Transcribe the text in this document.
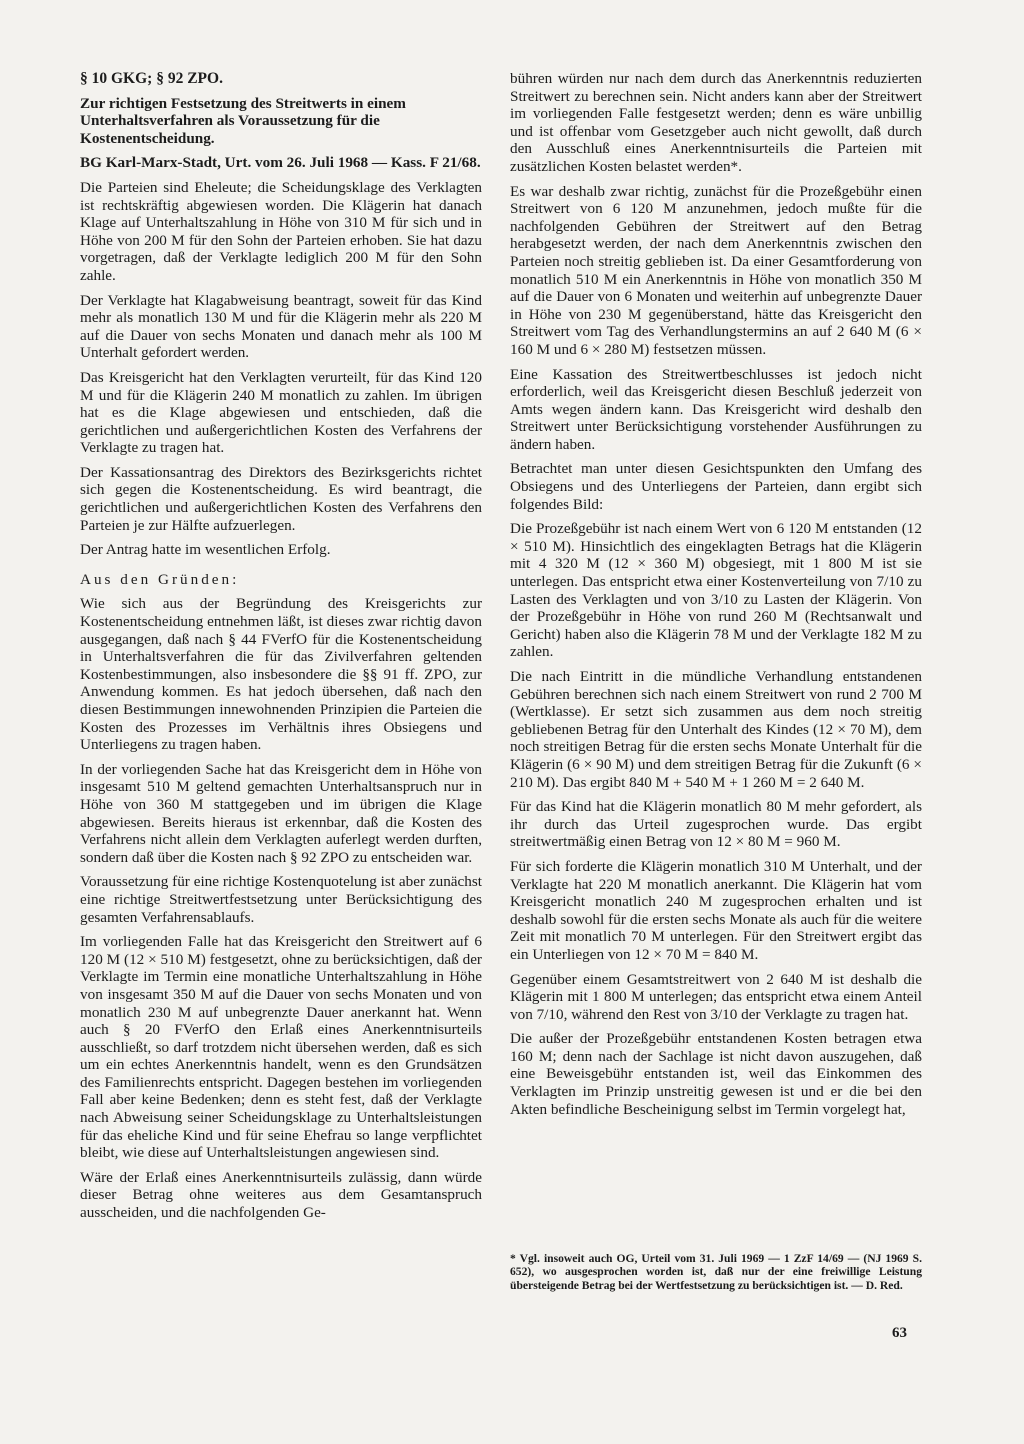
§ 10 GKG; § 92 ZPO.

Zur richtigen Festsetzung des Streitwerts in einem Unterhaltsverfahren als Voraussetzung für die Kostenentscheidung.

BG Karl-Marx-Stadt, Urt. vom 26. Juli 1968 — Kass. F 21/68.

Die Parteien sind Eheleute; die Scheidungsklage des Verklagten ist rechtskräftig abgewiesen worden. Die Klägerin hat danach Klage auf Unterhaltszahlung in Höhe von 310 M für sich und in Höhe von 200 M für den Sohn der Parteien erhoben. Sie hat dazu vorgetragen, daß der Verklagte lediglich 200 M für den Sohn zahle.

Der Verklagte hat Klagabweisung beantragt, soweit für das Kind mehr als monatlich 130 M und für die Klägerin mehr als 220 M auf die Dauer von sechs Monaten und danach mehr als 100 M Unterhalt gefordert werden.

Das Kreisgericht hat den Verklagten verurteilt, für das Kind 120 M und für die Klägerin 240 M monatlich zu zahlen. Im übrigen hat es die Klage abgewiesen und entschieden, daß die gerichtlichen und außergerichtlichen Kosten des Verfahrens der Verklagte zu tragen hat.

Der Kassationsantrag des Direktors des Bezirksgerichts richtet sich gegen die Kostenentscheidung. Es wird beantragt, die gerichtlichen und außergerichtlichen Kosten des Verfahrens den Parteien je zur Hälfte aufzuerlegen.

Der Antrag hatte im wesentlichen Erfolg.

Aus den Gründen:

Wie sich aus der Begründung des Kreisgerichts zur Kostenentscheidung entnehmen läßt, ist dieses zwar richtig davon ausgegangen, daß nach § 44 FVerfO für die Kostenentscheidung in Unterhaltsverfahren die für das Zivilverfahren geltenden Kostenbestimmungen, also insbesondere die §§ 91 ff. ZPO, zur Anwendung kommen. Es hat jedoch übersehen, daß nach den diesen Bestimmungen innewohnenden Prinzipien die Parteien die Kosten des Prozesses im Verhältnis ihres Obsiegens und Unterliegens zu tragen haben.

In der vorliegenden Sache hat das Kreisgericht dem in Höhe von insgesamt 510 M geltend gemachten Unterhaltsanspruch nur in Höhe von 360 M stattgegeben und im übrigen die Klage abgewiesen. Bereits hieraus ist erkennbar, daß die Kosten des Verfahrens nicht allein dem Verklagten auferlegt werden durften, sondern daß über die Kosten nach § 92 ZPO zu entscheiden war.

Voraussetzung für eine richtige Kostenquotelung ist aber zunächst eine richtige Streitwertfestsetzung unter Berücksichtigung des gesamten Verfahrensablaufs.

Im vorliegenden Falle hat das Kreisgericht den Streitwert auf 6 120 M (12 × 510 M) festgesetzt, ohne zu berücksichtigen, daß der Verklagte im Termin eine monatliche Unterhaltszahlung in Höhe von insgesamt 350 M auf die Dauer von sechs Monaten und von monatlich 230 M auf unbegrenzte Dauer anerkannt hat. Wenn auch § 20 FVerfO den Erlaß eines Anerkenntnisurteils ausschließt, so darf trotzdem nicht übersehen werden, daß es sich um ein echtes Anerkenntnis handelt, wenn es den Grundsätzen des Familienrechts entspricht. Dagegen bestehen im vorliegenden Fall aber keine Bedenken; denn es steht fest, daß der Verklagte nach Abweisung seiner Scheidungsklage zu Unterhaltsleistungen für das eheliche Kind und für seine Ehefrau so lange verpflichtet bleibt, wie diese auf Unterhaltsleistungen angewiesen sind.

Wäre der Erlaß eines Anerkenntnisurteils zulässig, dann würde dieser Betrag ohne weiteres aus dem Gesamtanspruch ausscheiden, und die nachfolgenden Ge-

bühren würden nur nach dem durch das Anerkenntnis reduzierten Streitwert zu berechnen sein. Nicht anders kann aber der Streitwert im vorliegenden Falle festgesetzt werden; denn es wäre unbillig und ist offenbar vom Gesetzgeber auch nicht gewollt, daß durch den Ausschluß eines Anerkenntnisurteils die Parteien mit zusätzlichen Kosten belastet werden*.

Es war deshalb zwar richtig, zunächst für die Prozeßgebühr einen Streitwert von 6 120 M anzunehmen, jedoch mußte für die nachfolgenden Gebühren der Streitwert auf den Betrag herabgesetzt werden, der nach dem Anerkenntnis zwischen den Parteien noch streitig geblieben ist. Da einer Gesamtforderung von monatlich 510 M ein Anerkenntnis in Höhe von monatlich 350 M auf die Dauer von 6 Monaten und weiterhin auf unbegrenzte Dauer in Höhe von 230 M gegenüberstand, hätte das Kreisgericht den Streitwert vom Tag des Verhandlungstermins an auf 2 640 M (6 × 160 M und 6 × 280 M) festsetzen müssen.

Eine Kassation des Streitwertbeschlusses ist jedoch nicht erforderlich, weil das Kreisgericht diesen Beschluß jederzeit von Amts wegen ändern kann. Das Kreisgericht wird deshalb den Streitwert unter Berücksichtigung vorstehender Ausführungen zu ändern haben.

Betrachtet man unter diesen Gesichtspunkten den Umfang des Obsiegens und des Unterliegens der Parteien, dann ergibt sich folgendes Bild:

Die Prozeßgebühr ist nach einem Wert von 6 120 M entstanden (12 × 510 M). Hinsichtlich des eingeklagten Betrags hat die Klägerin mit 4 320 M (12 × 360 M) obgesiegt, mit 1 800 M ist sie unterlegen. Das entspricht etwa einer Kostenverteilung von 7/10 zu Lasten des Verklagten und von 3/10 zu Lasten der Klägerin. Von der Prozeßgebühr in Höhe von rund 260 M (Rechtsanwalt und Gericht) haben also die Klägerin 78 M und der Verklagte 182 M zu zahlen.

Die nach Eintritt in die mündliche Verhandlung entstandenen Gebühren berechnen sich nach einem Streitwert von rund 2 700 M (Wertklasse). Er setzt sich zusammen aus dem noch streitig gebliebenen Betrag für den Unterhalt des Kindes (12 × 70 M), dem noch streitigen Betrag für die ersten sechs Monate Unterhalt für die Klägerin (6 × 90 M) und dem streitigen Betrag für die Zukunft (6 × 210 M). Das ergibt 840 M + 540 M + 1 260 M = 2 640 M.

Für das Kind hat die Klägerin monatlich 80 M mehr gefordert, als ihr durch das Urteil zugesprochen wurde. Das ergibt streitwertmäßig einen Betrag von 12 × 80 M = 960 M.

Für sich forderte die Klägerin monatlich 310 M Unterhalt, und der Verklagte hat 220 M monatlich anerkannt. Die Klägerin hat vom Kreisgericht monatlich 240 M zugesprochen erhalten und ist deshalb sowohl für die ersten sechs Monate als auch für die weitere Zeit mit monatlich 70 M unterlegen. Für den Streitwert ergibt das ein Unterliegen von 12 × 70 M = 840 M.

Gegenüber einem Gesamtstreitwert von 2 640 M ist deshalb die Klägerin mit 1 800 M unterlegen; das entspricht etwa einem Anteil von 7/10, während den Rest von 3/10 der Verklagte zu tragen hat.

Die außer der Prozeßgebühr entstandenen Kosten betragen etwa 160 M; denn nach der Sachlage ist nicht davon auszugehen, daß eine Beweisgebühr entstanden ist, weil das Einkommen des Verklagten im Prinzip unstreitig gewesen ist und er die bei den Akten befindliche Bescheinigung selbst im Termin vorgelegt hat,

* Vgl. insoweit auch OG, Urteil vom 31. Juli 1969 — 1 ZzF 14/69 — (NJ 1969 S. 652), wo ausgesprochen worden ist, daß nur der eine freiwillige Leistung übersteigende Betrag bei der Wertfestsetzung zu berücksichtigen ist. — D. Red.
63
